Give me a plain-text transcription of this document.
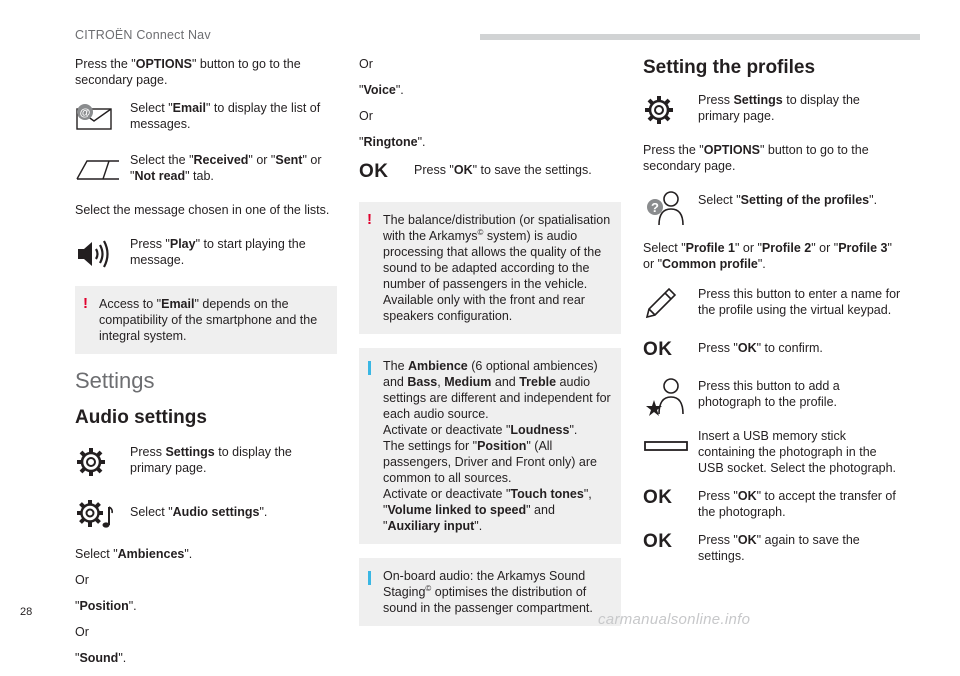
CITROËN Connect Nav

Press the "OPTIONS" button to go to the secondary page.

@	Select "Email" to display the list of messages.
Select the "Received" or "Sent" or "Not read" tab.

Select the message chosen in one of the lists.

Press "Play" to start playing the message.
! Access to "Email" depends on the compatibility of the smartphone and the integral system.
Settings
Audio settings
Press Settings to display the primary page.
Select "Audio settings".

Select "Ambiences".

Or

"Position".

Or

"Sound".

Or

"Voice".

Or

"Ringtone".

OK Press "OK" to save the settings.
! The balance/distribution (or spatialisation with the Arkamys© system) is audio processing that allows the quality of the sound to be adapted according to the number of passengers in the vehicle. Available only with the front and rear speakers configuration.
The Ambience (6 optional ambiences) and Bass, Medium and Treble audio settings are different and independent for each audio source.
Activate or deactivate "Loudness".
The settings for "Position" (All passengers, Driver and Front only) are common to all sources.
Activate or deactivate "Touch tones", "Volume linked to speed" and "Auxiliary input".
On-board audio: the Arkamys Sound Staging© optimises the distribution of sound in the passenger compartment.
Setting the profiles
Press Settings to display the primary page.

Press the "OPTIONS" button to go to the secondary page.

?	Select "Setting of the profiles".

Select "Profile 1" or "Profile 2" or "Profile 3" or "Common profile".

Press this button to enter a name for the profile using the virtual keypad.
OK Press "OK" to confirm.
Press this button to add a photograph to the profile.
Insert a USB memory stick containing the photograph in the USB socket. Select the photograph.
OK Press "OK" to accept the transfer of the photograph.
OK Press "OK" again to save the settings.
28	carmanualsonline.info
